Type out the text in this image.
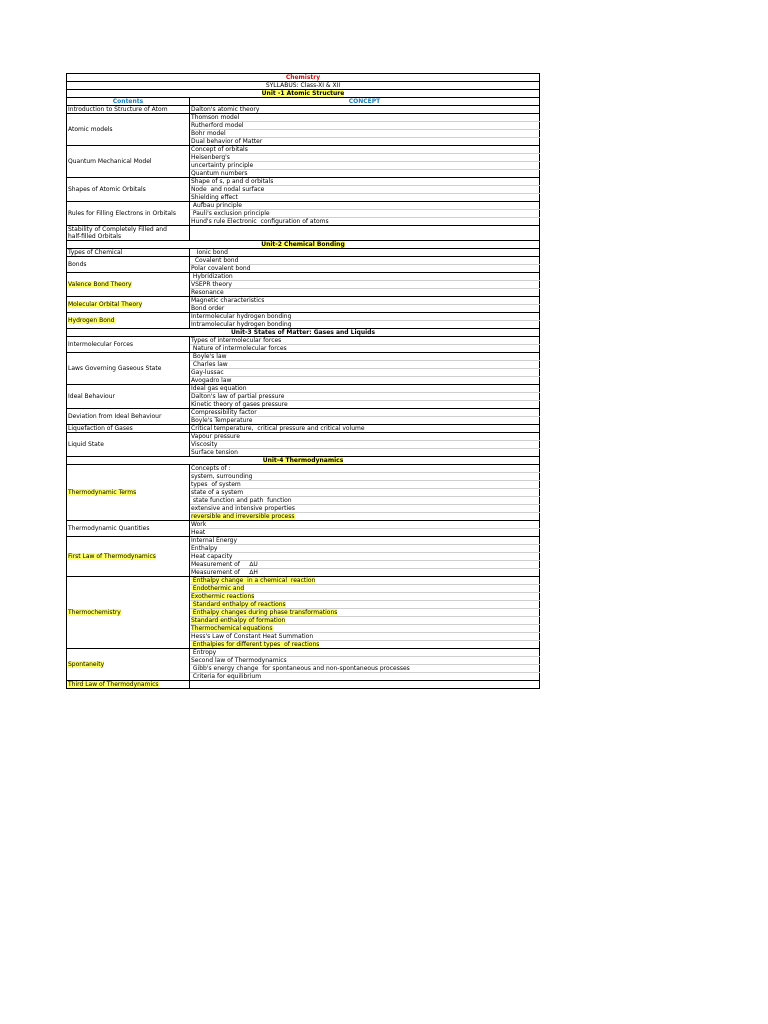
Chemistry	
SYLLABUS: Class-XI & XII	
Unit -1 Atomic Structure	
Contents	CONCEPT
Introduction to Structure of Atom	Dalton's atomic theory
Atomic models	Thomson model
	Rutherford model
	Bohr model
	Dual behavior of Matter
Quantum Mechanical Model	Concept of orbitals
	Heisenberg's
	uncertainty principle
	Quantum numbers
Shapes of Atomic Orbitals	Shape of s, p and d orbitals
	Node  and nodal surface
	Shielding effect
Rules for Filling Electrons in Orbitals	Aufbau principle
	Pauli's exclusion principle
	Hund's rule Electronic  configuration of atoms
Stability of Completely Filled and
half-filled Orbitals	
Unit-2 Chemical Bonding	
Types of Chemical	Ionic bond
Bonds	Covalent bond
	Polar covalent bond
Valence Bond Theory	Hybridization
	VSEPR theory
	Resonance
Molecular Orbital Theory	Magnetic characteristics
	Bond order
Hydrogen Bond	Intermolecular hydrogen bonding
	Intramolecular hydrogen bonding
Unit-3 States of Matter: Gases and Liquids	
Intermolecular Forces	Types of intermolecular forces
	Nature of intermolecular forces
Laws Governing Gaseous State	Boyle's law
	Charles law
	Gay-lussac
	Avogadro law
Ideal Behaviour	Ideal gas equation
	Dalton's law of partial pressure
	Kinetic theory of gases pressure
Deviation from Ideal Behaviour	Compressibility factor
	Boyle's Temperature
Liquefaction of Gases	Critical temperature,  critical pressure and critical volume
Liquid State	Vapour pressure
	Viscosity
	Surface tension
Unit-4 Thermodynamics	
Thermodynamic Terms	Concepts of :
	system, surrounding
	types  of system
	state of a system
	state function and path  function
	extensive and intensive properties
	reversible and irreversible process
Thermodynamic Quantities	Work
	Heat
First Law of Thermodynamics	Internal Energy
	Enthalpy
	Heat capacity
	Measurement of     ∆U
	Measurement of     ∆H
Thermochemistry	Enthalpy change  in a chemical  reaction
	Endothermic and
	Exothermic reactions
	Standard enthalpy of reactions
	Enthalpy changes during phase transformations
	Standard enthalpy of formation
	Thermochemical equations
	Hess's Law of Constant Heat Summation
	Enthalpies for different types  of reactions
Spontaneity	Entropy
	Second law of Thermodynamics
	Gibb's energy change  for spontaneous and non-spontaneous processes
	Criteria for equilibrium
Third Law of Thermodynamics	
